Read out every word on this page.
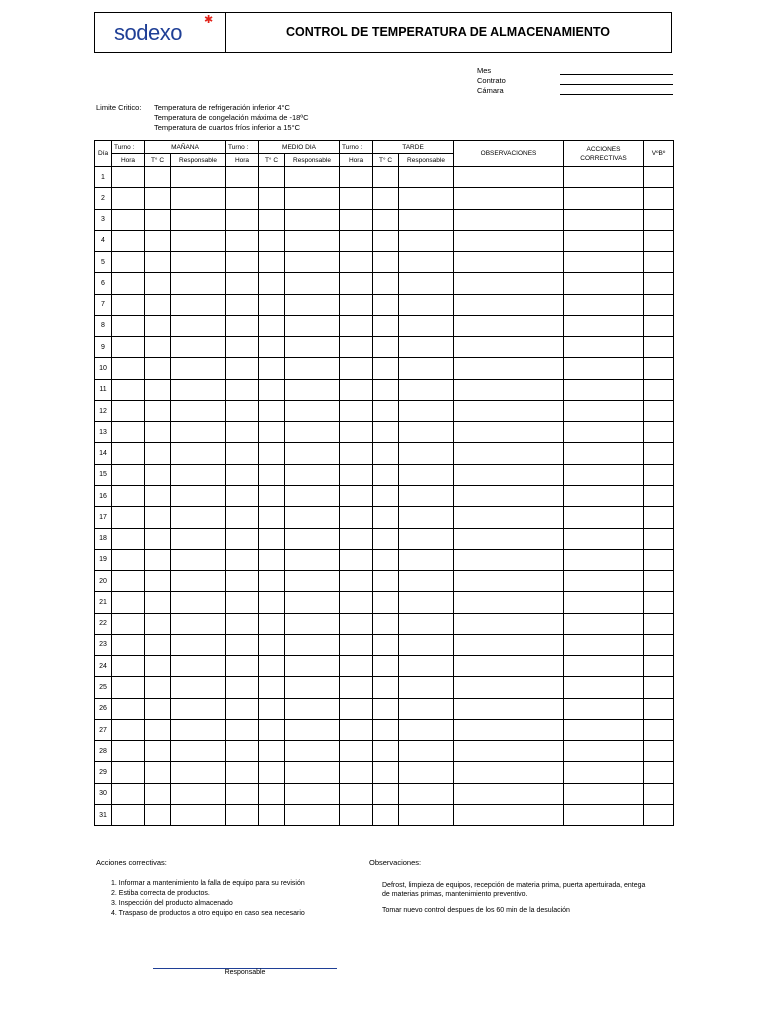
sodexo ✱
CONTROL DE TEMPERATURA DE ALMACENAMIENTO
Mes
Contrato
Cámara
Limite Critico: Temperatura de refrigeración inferior 4°C
Temperatura de congelación máxima de -18ºC
Temperatura de cuartos fríos inferior a 15°C
Día	Turno :	MAÑANA		Turno :	MEDIO DIA		Turno :	TARDE		OBSERVACIONES	ACCIONES CORRECTIVAS	VºBº
	Hora	T° C	Responsable	Hora	T° C	Responsable	Hora	T° C	Responsable			
1												
2												
3												
4												
5												
6												
7												
8												
9												
10												
11												
12												
13												
14												
15												
16												
17												
18												
19												
20												
21												
22												
23												
24												
25												
26												
27												
28												
29												
30												
31												
Acciones correctivas:
1. Informar a mantenimiento la falla de equipo para su revisión
2. Estiba correcta de productos.
3. Inspección del producto almacenado
4. Traspaso de productos a otro equipo en caso sea necesario
Observaciones:
Defrost, limpieza de equipos, recepción de materia prima, puerta apertuirada, entega de materias primas, mantenimiento preventivo.
Tomar nuevo control despues de los 60 min de la desulación
Responsable
